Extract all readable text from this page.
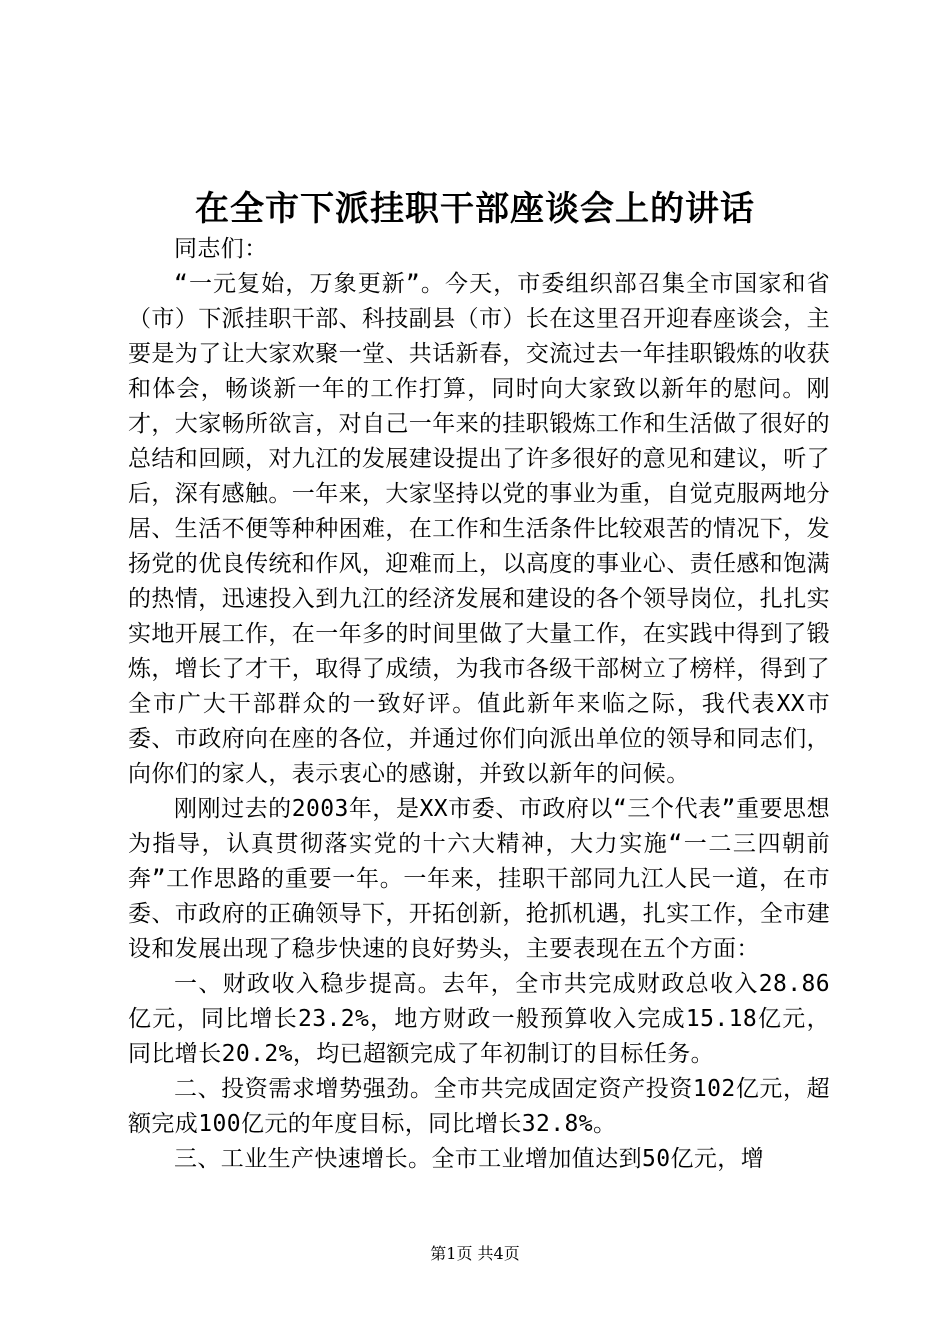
在全市下派挂职干部座谈会上的讲话

同志们：

“一元复始，万象更新”。今天，市委组织部召集全市国家和省（市）下派挂职干部、科技副县（市）长在这里召开迎春座谈会，主要是为了让大家欢聚一堂、共话新春，交流过去一年挂职锻炼的收获和体会，畅谈新一年的工作打算，同时向大家致以新年的慰问。刚才，大家畅所欲言，对自己一年来的挂职锻炼工作和生活做了很好的总结和回顾，对九江的发展建设提出了许多很好的意见和建议，听了后，深有感触。一年来，大家坚持以党的事业为重，自觉克服两地分居、生活不便等种种困难，在工作和生活条件比较艰苦的情况下，发扬党的优良传统和作风，迎难而上，以高度的事业心、责任感和饱满的热情，迅速投入到九江的经济发展和建设的各个领导岗位，扎扎实实地开展工作，在一年多的时间里做了大量工作，在实践中得到了锻炼，增长了才干，取得了成绩，为我市各级干部树立了榜样，得到了全市广大干部群众的一致好评。值此新年来临之际，我代表XX市委、市政府向在座的各位，并通过你们向派出单位的领导和同志们，向你们的家人，表示衷心的感谢，并致以新年的问候。

刚刚过去的2003年，是XX市委、市政府以“三个代表”重要思想为指导，认真贯彻落实党的十六大精神，大力实施“一二三四朝前奔”工作思路的重要一年。一年来，挂职干部同九江人民一道，在市委、市政府的正确领导下，开拓创新，抢抓机遇，扎实工作，全市建设和发展出现了稳步快速的良好势头，主要表现在五个方面：

一、财政收入稳步提高。去年，全市共完成财政总收入28.86亿元，同比增长23.2%，地方财政一般预算收入完成15.18亿元，同比增长20.2%，均已超额完成了年初制订的目标任务。

二、投资需求增势强劲。全市共完成固定资产投资102亿元，超额完成100亿元的年度目标，同比增长32.8%。

三、工业生产快速增长。全市工业增加值达到50亿元，增

第1页 共4页
